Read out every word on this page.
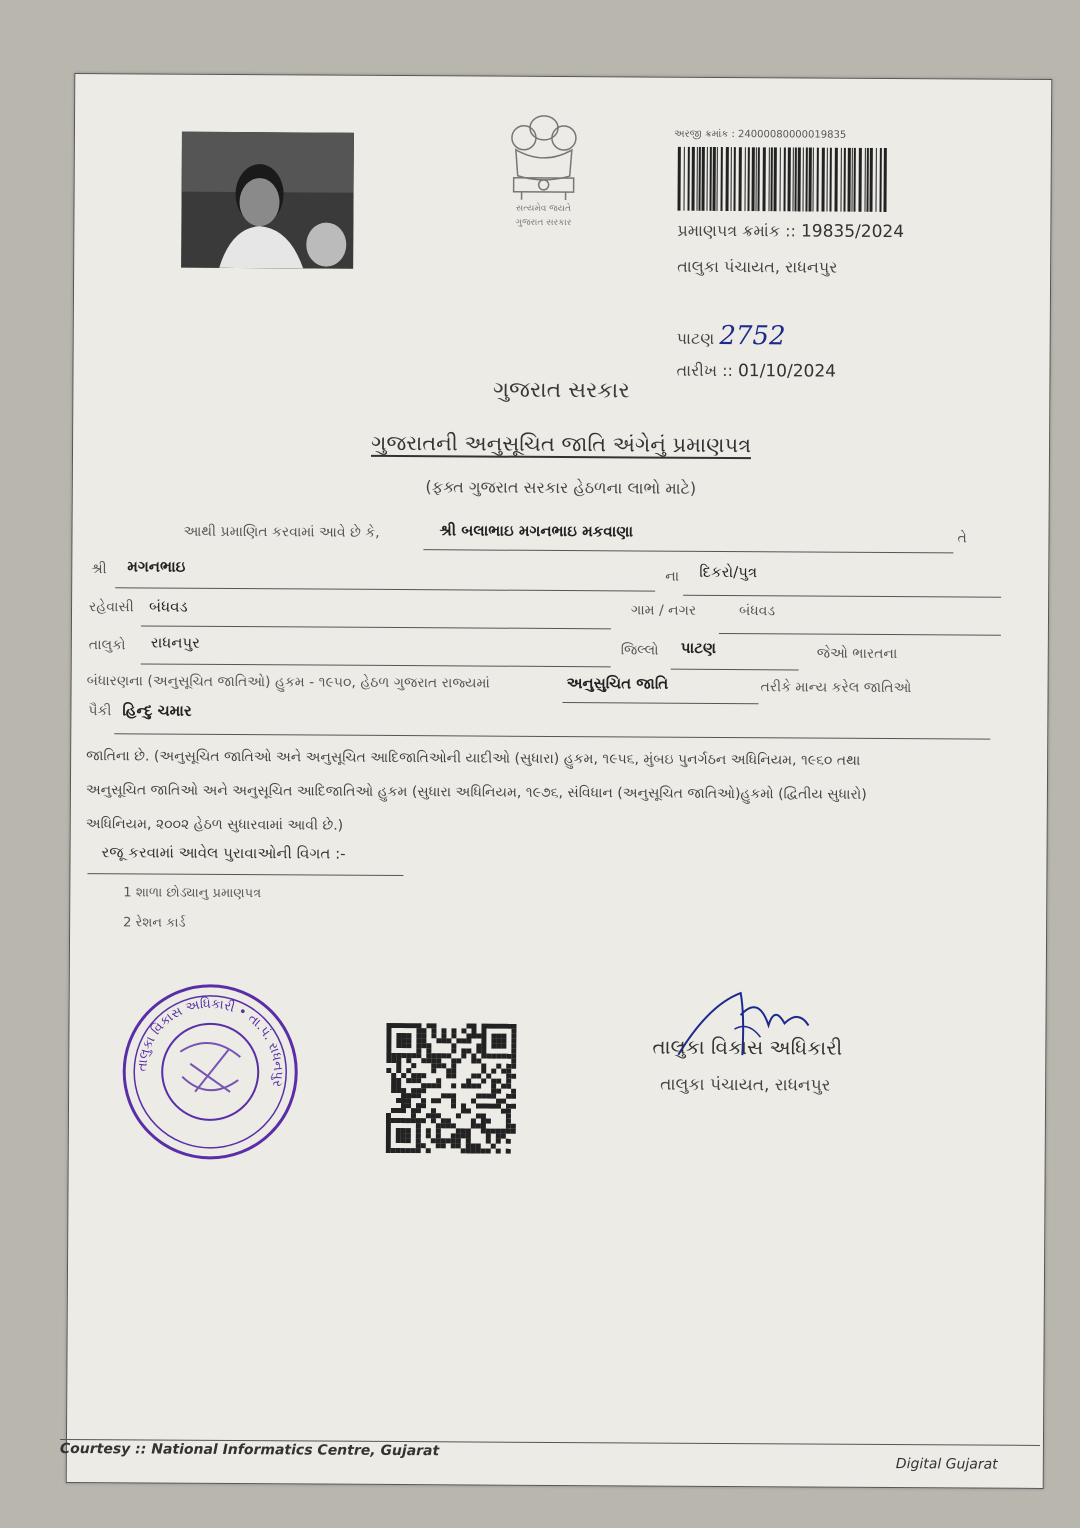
સત્યમેવ જયતે
ગુજરાત સરકાર
અરજી ક્રમાંક : 24000080000019835
પ્રમાણપત્ર ક્રમાંક :: 19835/2024
તાલુકા પંચાયત, રાધનપુર
પાટણ 2752
તારીખ :: 01/10/2024
ગુજરાત સરકાર
ગુજરાતની અનુસૂચિત જાતિ અંગેનું પ્રમાણપત્ર
(ફક્ત ગુજરાત સરકાર હેઠળના લાભો માટે)
આથી પ્રમાણિત કરવામાં આવે છે કે,	શ્રી બલાભાઇ મગનભાઇ મકવાણા	તે
શ્રી મગનભાઇ
ના દિકરો/પુત્ર
રહેવાસી બંધવડ	ગામ / નગર	બંધવડ
તાલુકો રાધનપુર	જિલ્લો પાટણ	જેઓ ભારતના
બંધારણના (અનુસૂચિત જાતિઓ) હુકમ - ૧૯૫૦, હેઠળ ગુજરાત રાજ્યમાં	અનુસુચિત જાતિ	તરીકે માન્ય કરેલ જાતિઓ
પૈકી હિન્દુ ચમાર
જાતિના છે. (અનુસૂચિત જાતિઓ અને અનુસૂચિત આદિજાતિઓની યાદીઓ (સુધારા) હુકમ, ૧૯૫૬, મુંબઇ પુનર્ગઠન અધિનિયમ, ૧૯૬૦ તથા
અનુસૂચિત જાતિઓ અને અનુસૂચિત આદિજાતિઓ હુકમ (સુધારા અધિનિયમ, ૧૯૭૬, સંવિધાન (અનુસૂચિત જાતિઓ)હુકમો (દ્વિતીય સુધારો)
અધિનિયમ, ૨૦૦૨ હેઠળ સુધારવામાં આવી છે.)
રજૂ કરવામાં આવેલ પુરાવાઓની વિગત :-
1 શાળા છોડ્યાનુ પ્રમાણપત્ર
2 રેશન કાર્ડ
તાલુકા વિકાસ અધિકારી • તા.પં. રાધનપુર
તાલુકા વિકાસ અધિકારી
તાલુકા પંચાયત, રાધનપુર
Courtesy :: National Informatics Centre, Gujarat
Digital Gujarat
